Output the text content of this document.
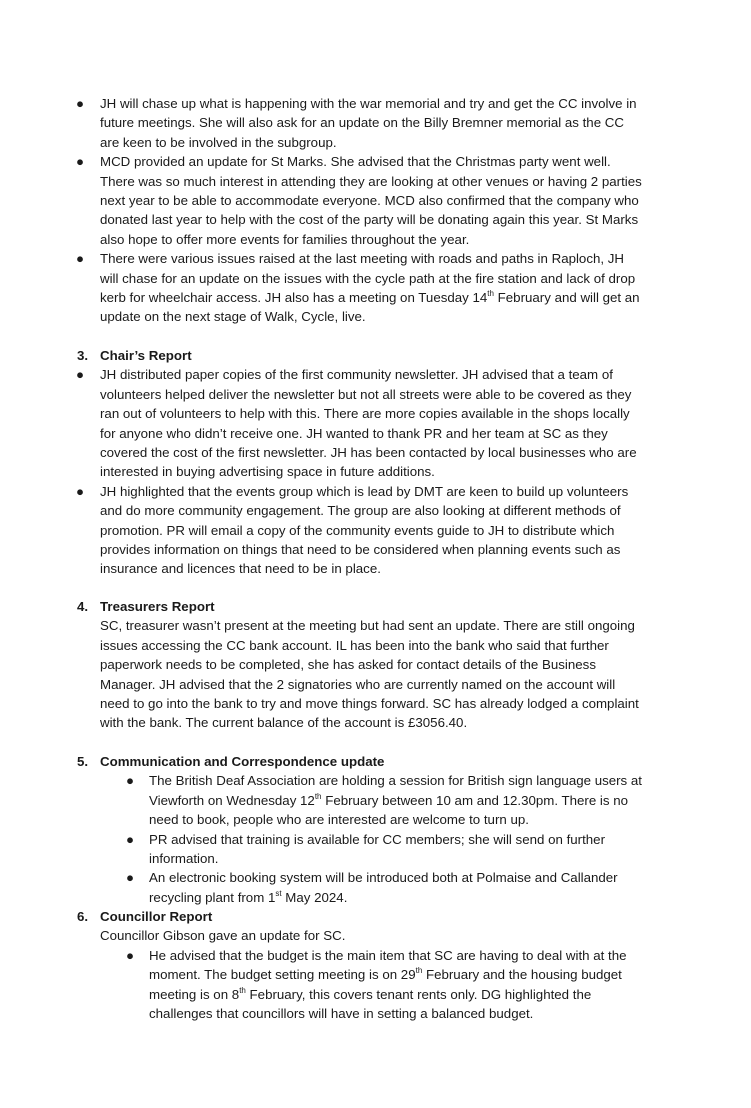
● JH will chase up what is happening with the war memorial and try and get the CC involve in future meetings. She will also ask for an update on the Billy Bremner memorial as the CC are keen to be involved in the subgroup.
● MCD provided an update for St Marks. She advised that the Christmas party went well. There was so much interest in attending they are looking at other venues or having 2 parties next year to be able to accommodate everyone. MCD also confirmed that the company who donated last year to help with the cost of the party will be donating again this year. St Marks also hope to offer more events for families throughout the year.
● There were various issues raised at the last meeting with roads and paths in Raploch, JH will chase for an update on the issues with the cycle path at the fire station and lack of drop kerb for wheelchair access. JH also has a meeting on Tuesday 14th February and will get an update on the next stage of Walk, Cycle, live.
3. Chair’s Report
● JH distributed paper copies of the first community newsletter. JH advised that a team of volunteers helped deliver the newsletter but not all streets were able to be covered as they ran out of volunteers to help with this. There are more copies available in the shops locally for anyone who didn’t receive one. JH wanted to thank PR and her team at SC as they covered the cost of the first newsletter. JH has been contacted by local businesses who are interested in buying advertising space in future additions.
● JH highlighted that the events group which is lead by DMT are keen to build up volunteers and do more community engagement. The group are also looking at different methods of promotion. PR will email a copy of the community events guide to JH to distribute which provides information on things that need to be considered when planning events such as insurance and licences that need to be in place.
4. Treasurers Report
SC, treasurer wasn’t present at the meeting but had sent an update. There are still ongoing issues accessing the CC bank account. IL has been into the bank who said that further paperwork needs to be completed, she has asked for contact details of the Business Manager. JH advised that the 2 signatories who are currently named on the account will need to go into the bank to try and move things forward. SC has already lodged a complaint with the bank. The current balance of the account is £3056.40.
5. Communication and Correspondence update
● The British Deaf Association are holding a session for British sign language users at Viewforth on Wednesday 12th February between 10 am and 12.30pm. There is no need to book, people who are interested are welcome to turn up.
● PR advised that training is available for CC members; she will send on further information.
● An electronic booking system will be introduced both at Polmaise and Callander recycling plant from 1st May 2024.
6. Councillor Report
Councillor Gibson gave an update for SC.
● He advised that the budget is the main item that SC are having to deal with at the moment. The budget setting meeting is on 29th February and the housing budget meeting is on 8th February, this covers tenant rents only. DG highlighted the challenges that councillors will have in setting a balanced budget.
